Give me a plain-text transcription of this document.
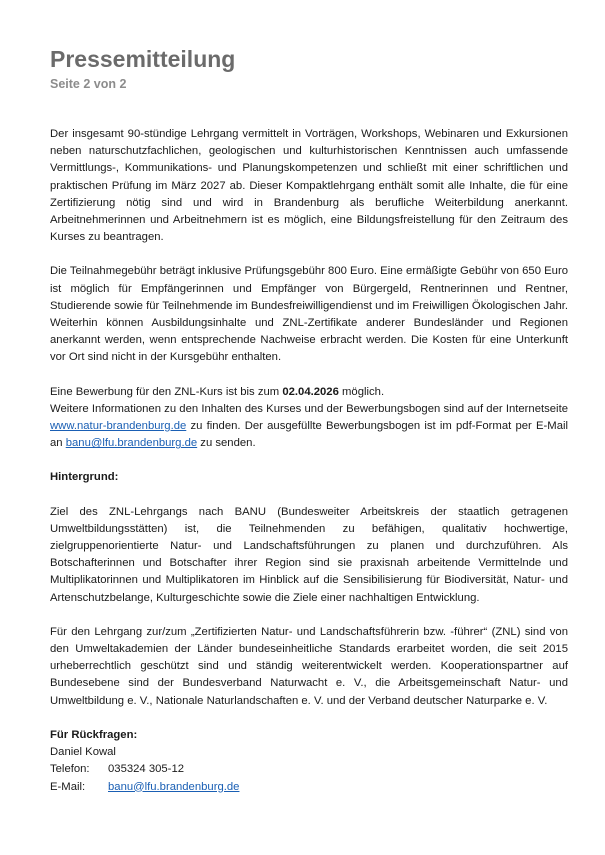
Pressemitteilung
Seite 2 von 2

Der insgesamt 90-stündige Lehrgang vermittelt in Vorträgen, Workshops, Webinaren und Exkursionen neben naturschutzfachlichen, geologischen und kulturhistorischen Kenntnissen auch umfassende Vermittlungs-, Kommunikations- und Planungskompetenzen und schließt mit einer schriftlichen und praktischen Prüfung im März 2027 ab. Dieser Kompaktlehrgang enthält somit alle Inhalte, die für eine Zertifizierung nötig sind und wird in Brandenburg als berufliche Weiterbildung anerkannt. Arbeitnehmerinnen und Arbeitnehmern ist es möglich, eine Bildungsfreistellung für den Zeitraum des Kurses zu beantragen.

Die Teilnahmegebühr beträgt inklusive Prüfungsgebühr 800 Euro. Eine ermäßigte Gebühr von 650 Euro ist möglich für Empfängerinnen und Empfänger von Bürgergeld, Rentnerinnen und Rentner, Studierende sowie für Teilnehmende im Bundesfreiwilligendienst und im Freiwilligen Ökologischen Jahr. Weiterhin können Ausbildungsinhalte und ZNL-Zertifikate anderer Bundesländer und Regionen anerkannt werden, wenn entsprechende Nachweise erbracht werden. Die Kosten für eine Unterkunft vor Ort sind nicht in der Kursgebühr enthalten.

Eine Bewerbung für den ZNL-Kurs ist bis zum 02.04.2026 möglich.
Weitere Informationen zu den Inhalten des Kurses und der Bewerbungsbogen sind auf der Internetseite www.natur-brandenburg.de zu finden. Der ausgefüllte Bewerbungsbogen ist im pdf-Format per E-Mail an banu@lfu.brandenburg.de zu senden.

Hintergrund:

Ziel des ZNL-Lehrgangs nach BANU (Bundesweiter Arbeitskreis der staatlich getragenen Umweltbildungsstätten) ist, die Teilnehmenden zu befähigen, qualitativ hochwertige, zielgruppenorientierte Natur- und Landschaftsführungen zu planen und durchzuführen. Als Botschafterinnen und Botschafter ihrer Region sind sie praxisnah arbeitende Vermittelnde und Multiplikatorinnen und Multiplikatoren im Hinblick auf die Sensibilisierung für Biodiversität, Natur- und Artenschutzbelange, Kulturgeschichte sowie die Ziele einer nachhaltigen Entwicklung.

Für den Lehrgang zur/zum „Zertifizierten Natur- und Landschaftsführerin bzw. -führer“ (ZNL) sind von den Umweltakademien der Länder bundeseinheitliche Standards erarbeitet worden, die seit 2015 urheberrechtlich geschützt sind und ständig weiterentwickelt werden. Kooperationspartner auf Bundesebene sind der Bundesverband Naturwacht e. V., die Arbeitsgemeinschaft Natur- und Umweltbildung e. V., Nationale Naturlandschaften e. V. und der Verband deutscher Naturparke e. V.

Für Rückfragen:
Daniel Kowal
Telefon:	035324 305-12
E-Mail:	banu@lfu.brandenburg.de
